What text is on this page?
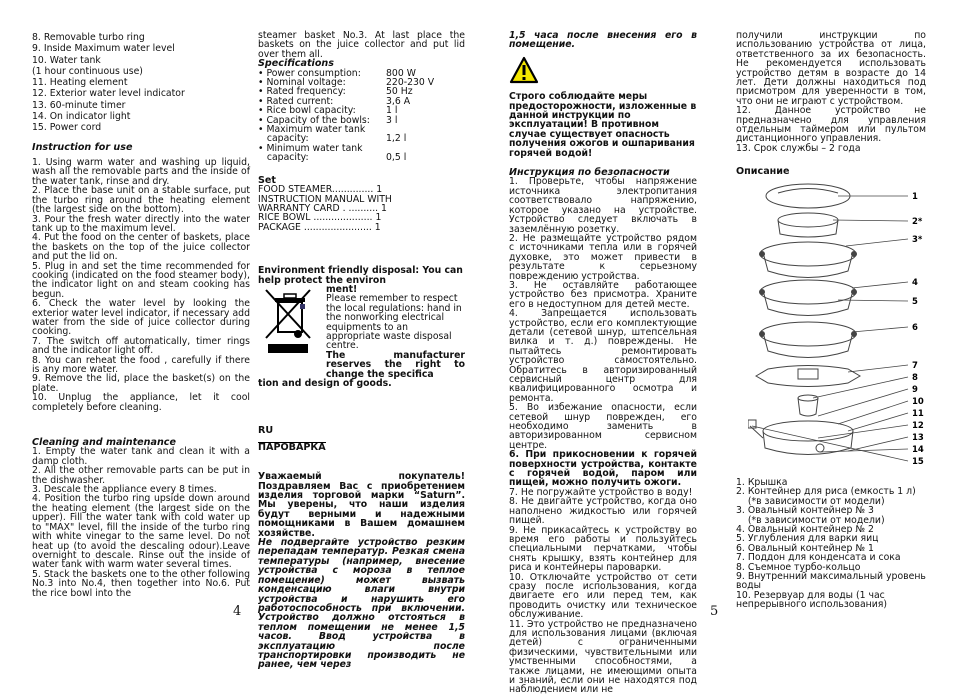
8. Removable turbo ring

9. Inside Maximum water level

10. Water tank

(1 hour continuous use)

11. Heating element

12. Exterior water level indicator

13. 60-minute timer

14. On indicator light

15. Power cord

Instruction for use

1. Using warm water and washing up liquid, wash all the removable parts and the inside of the water tank, rinse and dry.

2. Place the base unit on a stable surface, put the turbo ring around the heating element (the largest side on the bottom).

3. Pour the fresh water directly into the water tank up to the maximum level.

4. Put the food on the center of baskets, place the baskets on the top of the juice collector and put the lid on.

5. Plug in and set the time recommended for cooking (indicated on the food steamer body), the indicator light on and steam cooking has begun.

6. Check the water level by looking the exterior water level indicator, if necessary add water from the side of juice collector during cooking.

7. The switch off automatically, timer rings and the indicator light off.

8. You can reheat the food , carefully if there is any more water.

9. Remove the lid, place the basket(s) on the plate.

10. Unplug the appliance, let it cool completely before cleaning.

Cleaning and maintenance

1. Empty the water tank and clean it with a damp cloth.

2. All the other removable parts can be put in the dishwasher.

3. Descale the appliance every 8 times.

4. Position the turbo ring upside down around the heating element (the largest side on the upper). Fill the water tank with cold water up to "MAX" level, fill the inside of the turbo ring with white vinegar to the same level. Do not heat up (to avoid the descaling odour).Leave overnight to descale. Rinse out the inside of water tank with warm water several times.

5. Stack the baskets one to the other following No.3 into No.4, then together into No.6. Put the rice bowl into the

steamer basket No.3. At last place the baskets on the juice collector and put lid over them all.

Specifications

• Power consumption:	800 W
• Nominal voltage:	220-230 V
• Rated frequency:	50 Hz
• Rated current:	3,6 A
• Rice bowl capacity:	1 l
• Capacity of the bowls:	3 l
• Maximum water tank
capacity:	
1,2 l
• Minimum water tank
capacity:	
0,5 l

Set

FOOD STEAMER.............. 1

INSTRUCTION MANUAL WITH

WARRANTY CARD . .......... 1

RICE BOWL .................... 1

PACKAGE ....................... 1

Environment friendly disposal: You can help protect the environ

ment!

Please remember to respect the local regulations: hand in the nonworking electrical equipments to an appropriate waste disposal centre.

The manufacturer reserves the right to change the specifica

tion and design of goods.

RU

ПАРОВАРКА

Уважаемый покупатель! Поздравляем Вас с приобретением изделия торговой марки “Saturn”. Мы уверены, что наши изделия будут верными и надежными помощниками в Вашем домашнем хозяйстве.

Не подвергайте устройство резким перепадам температур. Резкая смена температуры (например, внесение устройства с мороза в теплое помещение) может вызвать конденсацию влаги внутри устройства и нарушить его работоспособность при включении. Устройство должно отстояться в теплом помещении не менее 1,5 часов. Ввод устройства в эксплуатацию после транспортировки производить не ранее, чем через

4

1,5 часа после внесения его в помещение.

Строго соблюдайте меры предосторожности, изложенные в данной инструкции по эксплуатации! В противном случае существует опасность получения ожогов и ошпаривания горячей водой!

Инструкция по безопасности

1. Проверьте, чтобы напряжение источника электропитания соответствовало напряжению, которое указано на устройстве. Устройство следует включать в заземлённую розетку.

2. Не размещайте устройство рядом с источниками тепла или в горячей духовке, это может привести в результате к серьезному повреждению устройства.

3. Не оставляйте работающее устройство без присмотра. Храните его в недоступном для детей месте.

4. Запрещается использовать устройство, если его комплектующие детали (сетевой шнур, штепсельная вилка и т. д.) повреждены. Не пытайтесь ремонтировать устройство самостоятельно. Обратитесь в авторизированный сервисный центр для квалифицированного осмотра и ремонта.

5. Во избежание опасности, если сетевой шнур поврежден, его необходимо заменить в авторизированном сервисном центре.

6. При прикосновении к горячей поверхности устройства, контакте с горячей водой, паром или пищей, можно получить ожоги.

7. Не погружайте устройство в воду!

8. Не двигайте устройство, когда оно наполнено жидкостью или горячей пищей.

9. Не прикасайтесь к устройству во время его работы и пользуйтесь специальными перчатками, чтобы снять крышку, взять контейнер для риса и контейнеры пароварки.

10. Отключайте устройство от сети сразу после использования, когда двигаете его или перед тем, как проводить очистку или техническое обслуживание.

11. Это устройство не предназначено для использования лицами (включая детей) с ограниченными физическими, чувствительными или умственными способностями, а также лицами, не имеющими опыта и знаний, если они не находятся под наблюдением или не

получили инструкции по использованию устройства от лица, ответственного за их безопасность. Не рекомендуется использовать устройство детям в возрасте до 14 лет. Дети должны находиться под присмотром для уверенности в том, что они не играют с устройством.

12. Данное устройство не предназначено для управления отдельным таймером или пультом дистанционного управления.

13. Срок службы – 2 года

Описание

1
2*
3*
4
5
6
7
8
9
10
11
12
13
14
15

1. Крышка

2. Контейнер для риса (емкость 1 л)

(*в зависимости от модели)

3. Овальный контейнер № 3

(*в зависимости от модели)

4. Овальный контейнер № 2

5. Углубления для варки яиц

6. Овальный контейнер № 1

7. Поддон для конденсата и сока

8. Съемное турбо-кольцо

9. Внутренний максимальный уровень воды

10. Резервуар для воды (1 час непрерывного использования)

5
